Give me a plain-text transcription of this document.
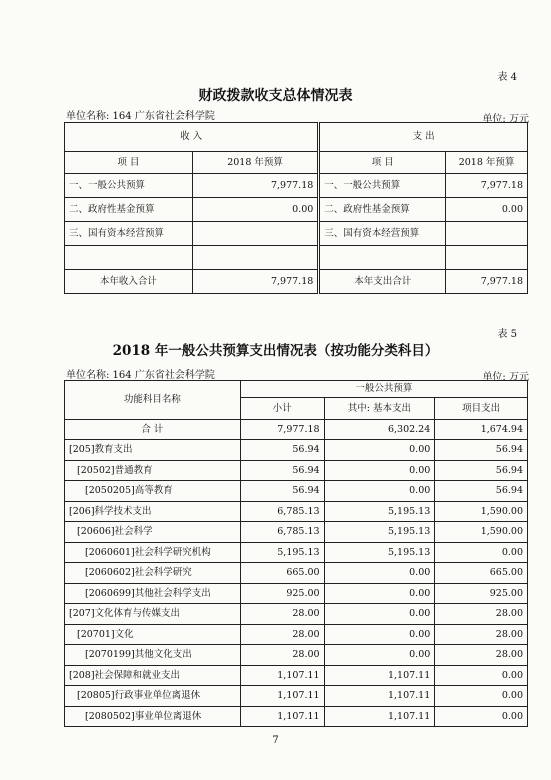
表 4
财政拨款收支总体情况表
单位名称: 164 广东省社会科学院	单位: 万元
收 入		支 出	
项 目	2018 年预算	项 目	2018 年预算
一、一般公共预算	7,977.18	一、一般公共预算	7,977.18
二、政府性基金预算	0.00	二、政府性基金预算	0.00
三、国有资本经营预算		三、国有资本经营预算	

本年收入合计	7,977.18	本年支出合计	7,977.18
表 5
2018 年一般公共预算支出情况表（按功能分类科目）
单位名称: 164 广东省社会科学院	单位: 万元
功能科目名称	一般公共预算		
	小计	其中: 基本支出	项目支出
合 计	7,977.18	6,302.24	1,674.94
[205]教育支出	56.94	0.00	56.94
[20502]普通教育	56.94	0.00	56.94
[2050205]高等教育	56.94	0.00	56.94
[206]科学技术支出	6,785.13	5,195.13	1,590.00
[20606]社会科学	6,785.13	5,195.13	1,590.00
[2060601]社会科学研究机构	5,195.13	5,195.13	0.00
[2060602]社会科学研究	665.00	0.00	665.00
[2060699]其他社会科学支出	925.00	0.00	925.00
[207]文化体育与传媒支出	28.00	0.00	28.00
[20701]文化	28.00	0.00	28.00
[2070199]其他文化支出	28.00	0.00	28.00
[208]社会保障和就业支出	1,107.11	1,107.11	0.00
[20805]行政事业单位离退休	1,107.11	1,107.11	0.00
[2080502]事业单位离退休	1,107.11	1,107.11	0.00
7
